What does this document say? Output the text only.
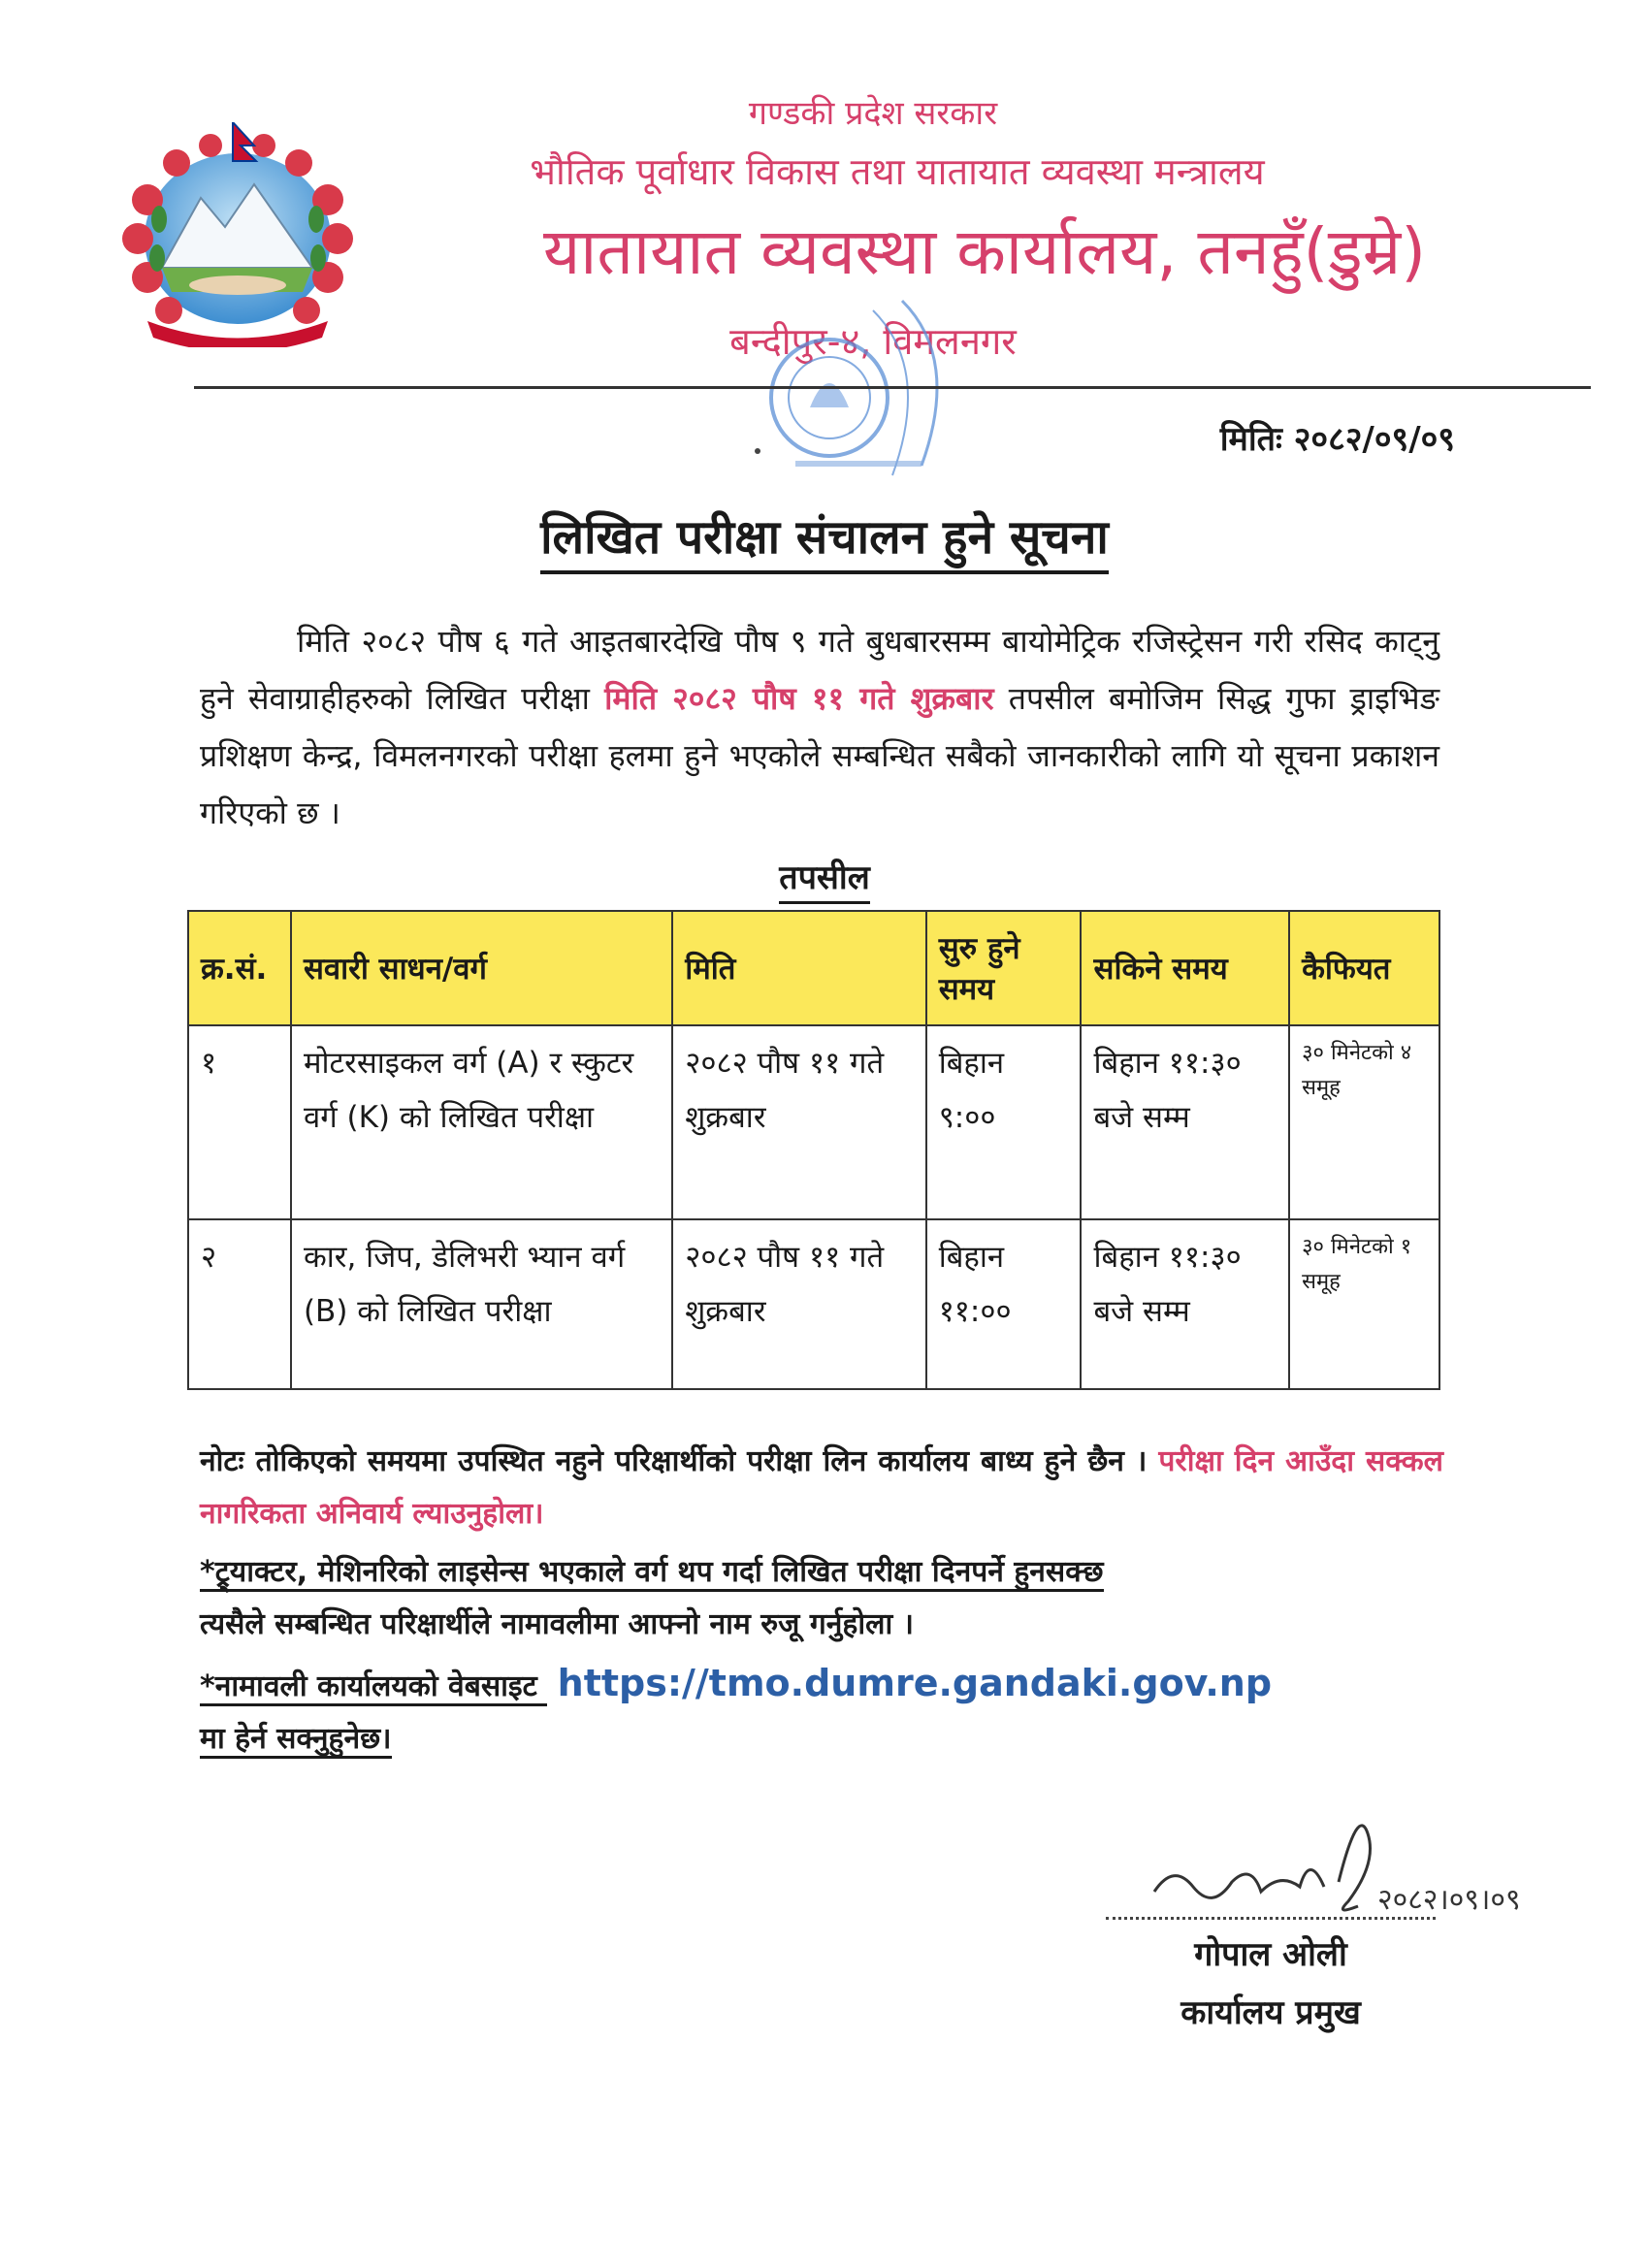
गण्डकी प्रदेश सरकार
भौतिक पूर्वाधार विकास तथा यातायात व्यवस्था मन्त्रालय
यातायात व्यवस्था कार्यालय, तनहुँ(डुम्रे)
बन्दीपुर-४, विमलनगर
मितिः २०८२/०९/०९
लिखित परीक्षा संचालन हुने सूचना
मिति २०८२ पौष ६ गते आइतबारदेखि पौष ९ गते बुधबारसम्म बायोमेट्रिक रजिस्ट्रेसन गरी रसिद काट्नु हुने सेवाग्राहीहरुको लिखित परीक्षा मिति २०८२ पौष ११ गते शुक्रबार तपसील बमोजिम सिद्ध गुफा ड्राइभिङ प्रशिक्षण केन्द्र, विमलनगरको परीक्षा हलमा हुने भएकोले सम्बन्धित सबैको जानकारीको लागि यो सूचना प्रकाशन गरिएको छ ।
तपसील
क्र.सं.	सवारी साधन/वर्ग	मिति	सुरु हुने समय	सकिने समय	कैफियत
१	मोटरसाइकल वर्ग (A) र स्कुटर वर्ग (K) को लिखित परीक्षा	२०८२ पौष ११ गते शुक्रबार	बिहान ९:००	बिहान ११:३० बजे सम्म	३० मिनेटको ४ समूह
२	कार, जिप, डेलिभरी भ्यान वर्ग (B) को लिखित परीक्षा	२०८२ पौष ११ गते शुक्रबार	बिहान ११:००	बिहान ११:३० बजे सम्म	३० मिनेटको १ समूह

नोटः तोकिएको समयमा उपस्थित नहुने परिक्षार्थीको परीक्षा लिन कार्यालय बाध्य हुने छैन । परीक्षा दिन आउँदा सक्कल नागरिकता अनिवार्य ल्याउनुहोला।

*ट्र्याक्टर, मेशिनरिको लाइसेन्स भएकाले वर्ग थप गर्दा लिखित परीक्षा दिनपर्ने हुनसक्छ
त्यसैले सम्बन्धित परिक्षार्थीले नामावलीमा आफ्नो नाम रुजू गर्नुहोला ।

*नामावली कार्यालयको वेबसाइट  https://tmo.dumre.gandaki.gov.np
मा हेर्न सक्नुहुनेछ।

२०८२।०९।०९
गोपाल ओली
कार्यालय प्रमुख
